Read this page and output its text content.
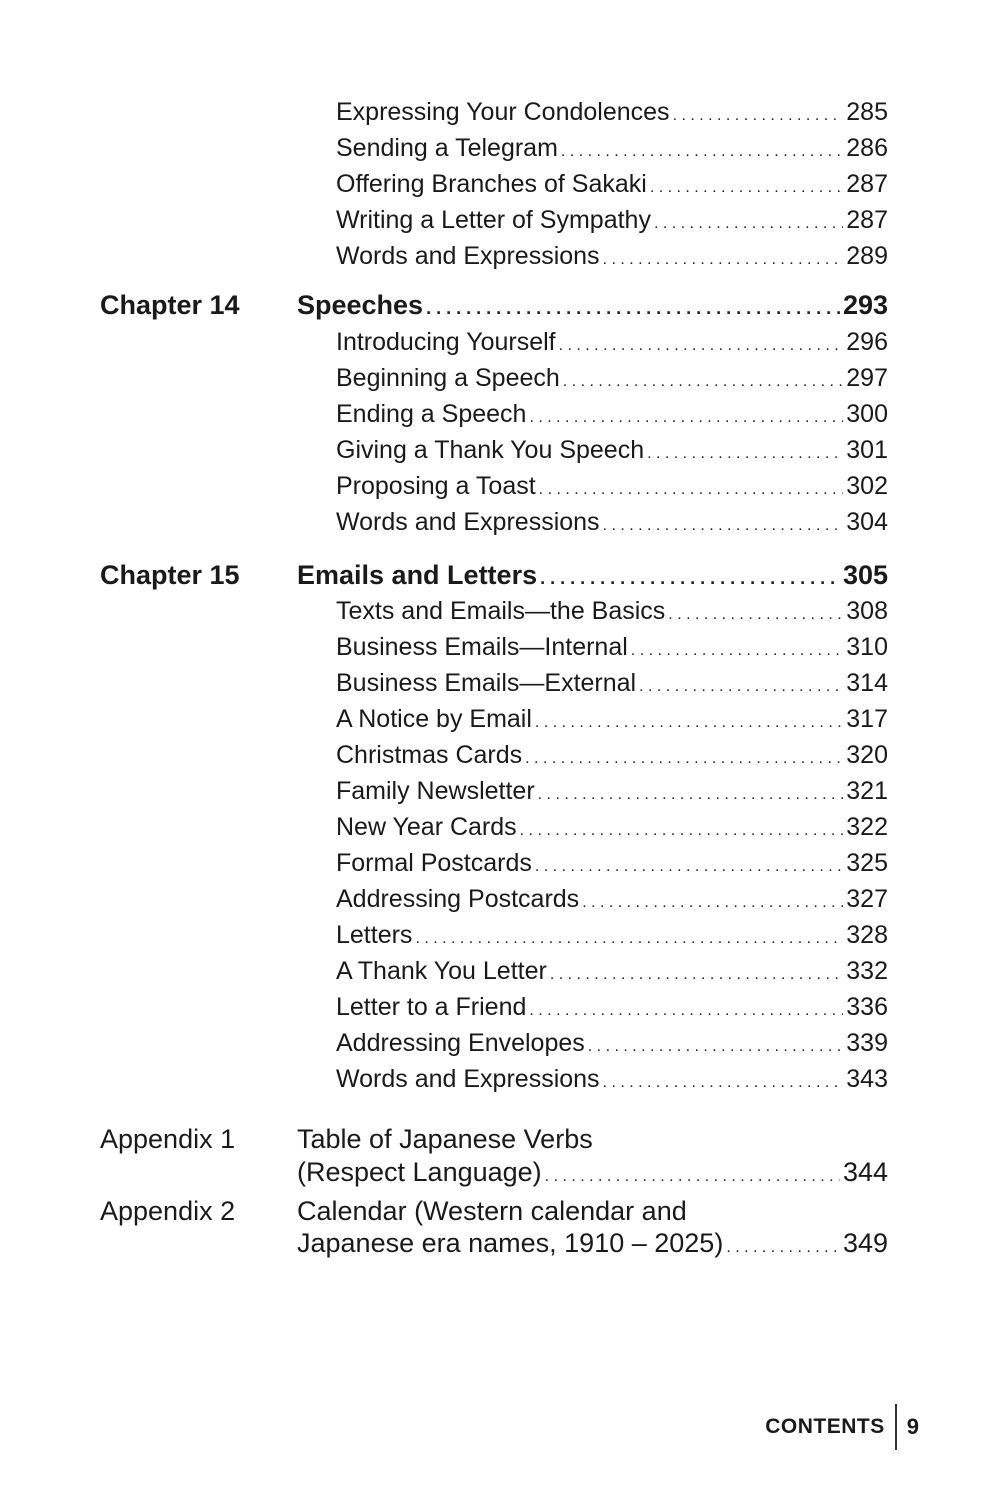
Expressing Your Condolences . . .	285
Sending a Telegram . . .	286
Offering Branches of Sakaki . . .	287
Writing a Letter of Sympathy . . .	287
Words and Expressions . . .	289
Chapter 14 Speeches . . .	293
Introducing Yourself . . .	296
Beginning a Speech . . .	297
Ending a Speech . . .	300
Giving a Thank You Speech . . .	301
Proposing a Toast . . .	302
Words and Expressions . . .	304
Chapter 15 Emails and Letters . . .	305
Texts and Emails—the Basics . . .	308
Business Emails—Internal . . .	310
Business Emails—External . . .	314
A Notice by Email . . .	317
Christmas Cards . . .	320
Family Newsletter . . .	321
New Year Cards . . .	322
Formal Postcards . . .	325
Addressing Postcards . . .	327
Letters . . .	328
A Thank You Letter . . .	332
Letter to a Friend . . .	336
Addressing Envelopes . . .	339
Words and Expressions . . .	343
Appendix 1 Table of Japanese Verbs
(Respect Language) . . .	344
Appendix 2 Calendar (Western calendar and
Japanese era names, 1910 – 2025) . . .	349
CONTENTS	9
